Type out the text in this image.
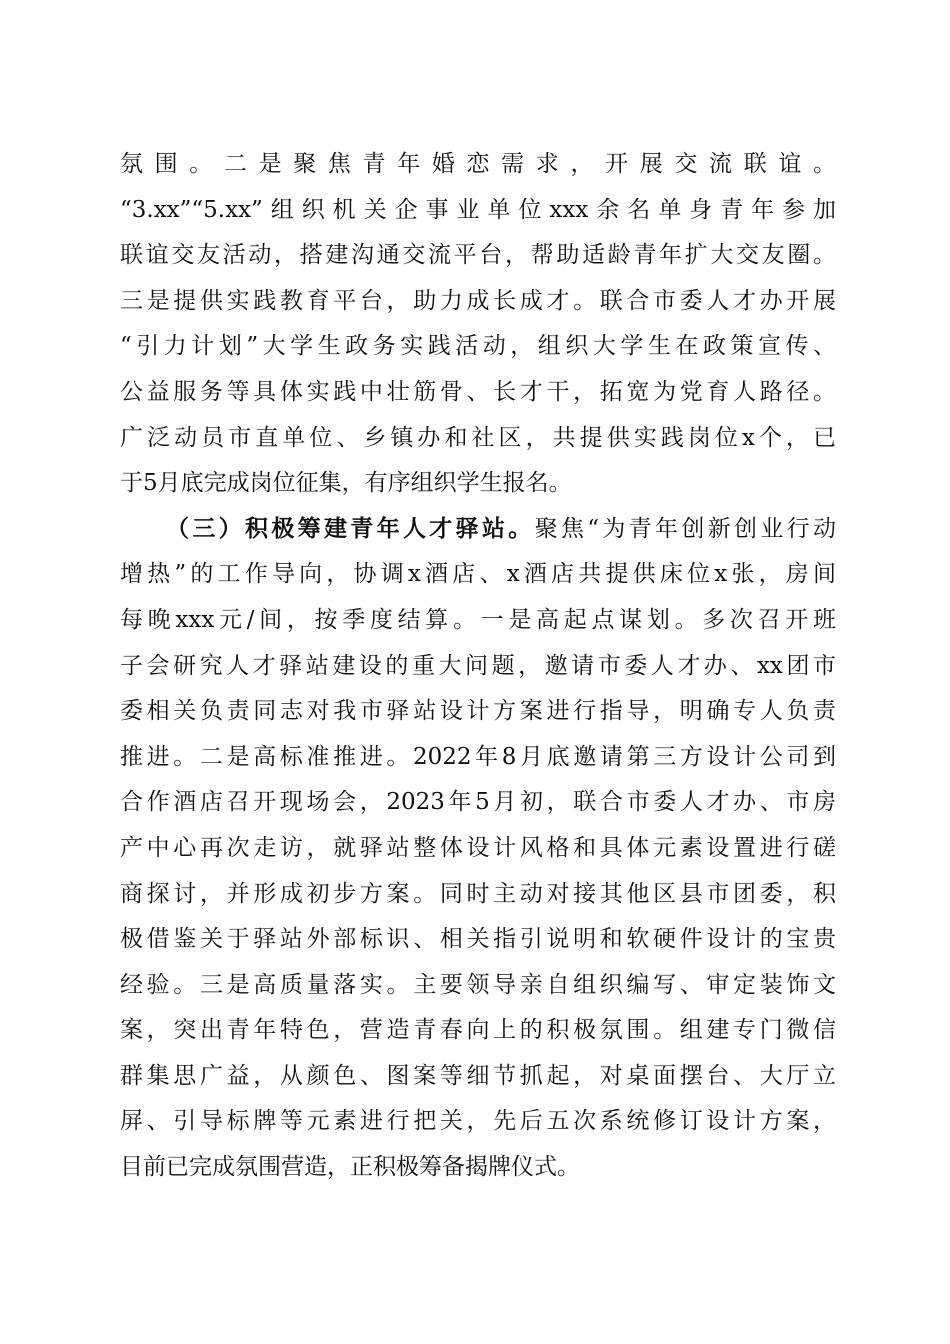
氛围。二是聚焦青年婚恋需求，开展交流联谊。
“3.xx”“5.xx”组织机关企事业单位xxx余名单身青年参加
联谊交友活动，搭建沟通交流平台，帮助适龄青年扩大交友圈。
三是提供实践教育平台，助力成长成才。联合市委人才办开展
“引力计划”大学生政务实践活动，组织大学生在政策宣传、
公益服务等具体实践中壮筋骨、长才干，拓宽为党育人路径。
广泛动员市直单位、乡镇办和社区，共提供实践岗位x个，已
于5月底完成岗位征集，有序组织学生报名。
（三）积极筹建青年人才驿站。聚焦“为青年创新创业行动
增热”的工作导向，协调x酒店、x酒店共提供床位x张，房间
每晚xxx元/间，按季度结算。一是高起点谋划。多次召开班
子会研究人才驿站建设的重大问题，邀请市委人才办、xx团市
委相关负责同志对我市驿站设计方案进行指导，明确专人负责
推进。二是高标准推进。2022年8月底邀请第三方设计公司到
合作酒店召开现场会，2023年5月初，联合市委人才办、市房
产中心再次走访，就驿站整体设计风格和具体元素设置进行磋
商探讨，并形成初步方案。同时主动对接其他区县市团委，积
极借鉴关于驿站外部标识、相关指引说明和软硬件设计的宝贵
经验。三是高质量落实。主要领导亲自组织编写、审定装饰文
案，突出青年特色，营造青春向上的积极氛围。组建专门微信
群集思广益，从颜色、图案等细节抓起，对桌面摆台、大厅立
屏、引导标牌等元素进行把关，先后五次系统修订设计方案，
目前已完成氛围营造，正积极筹备揭牌仪式。
